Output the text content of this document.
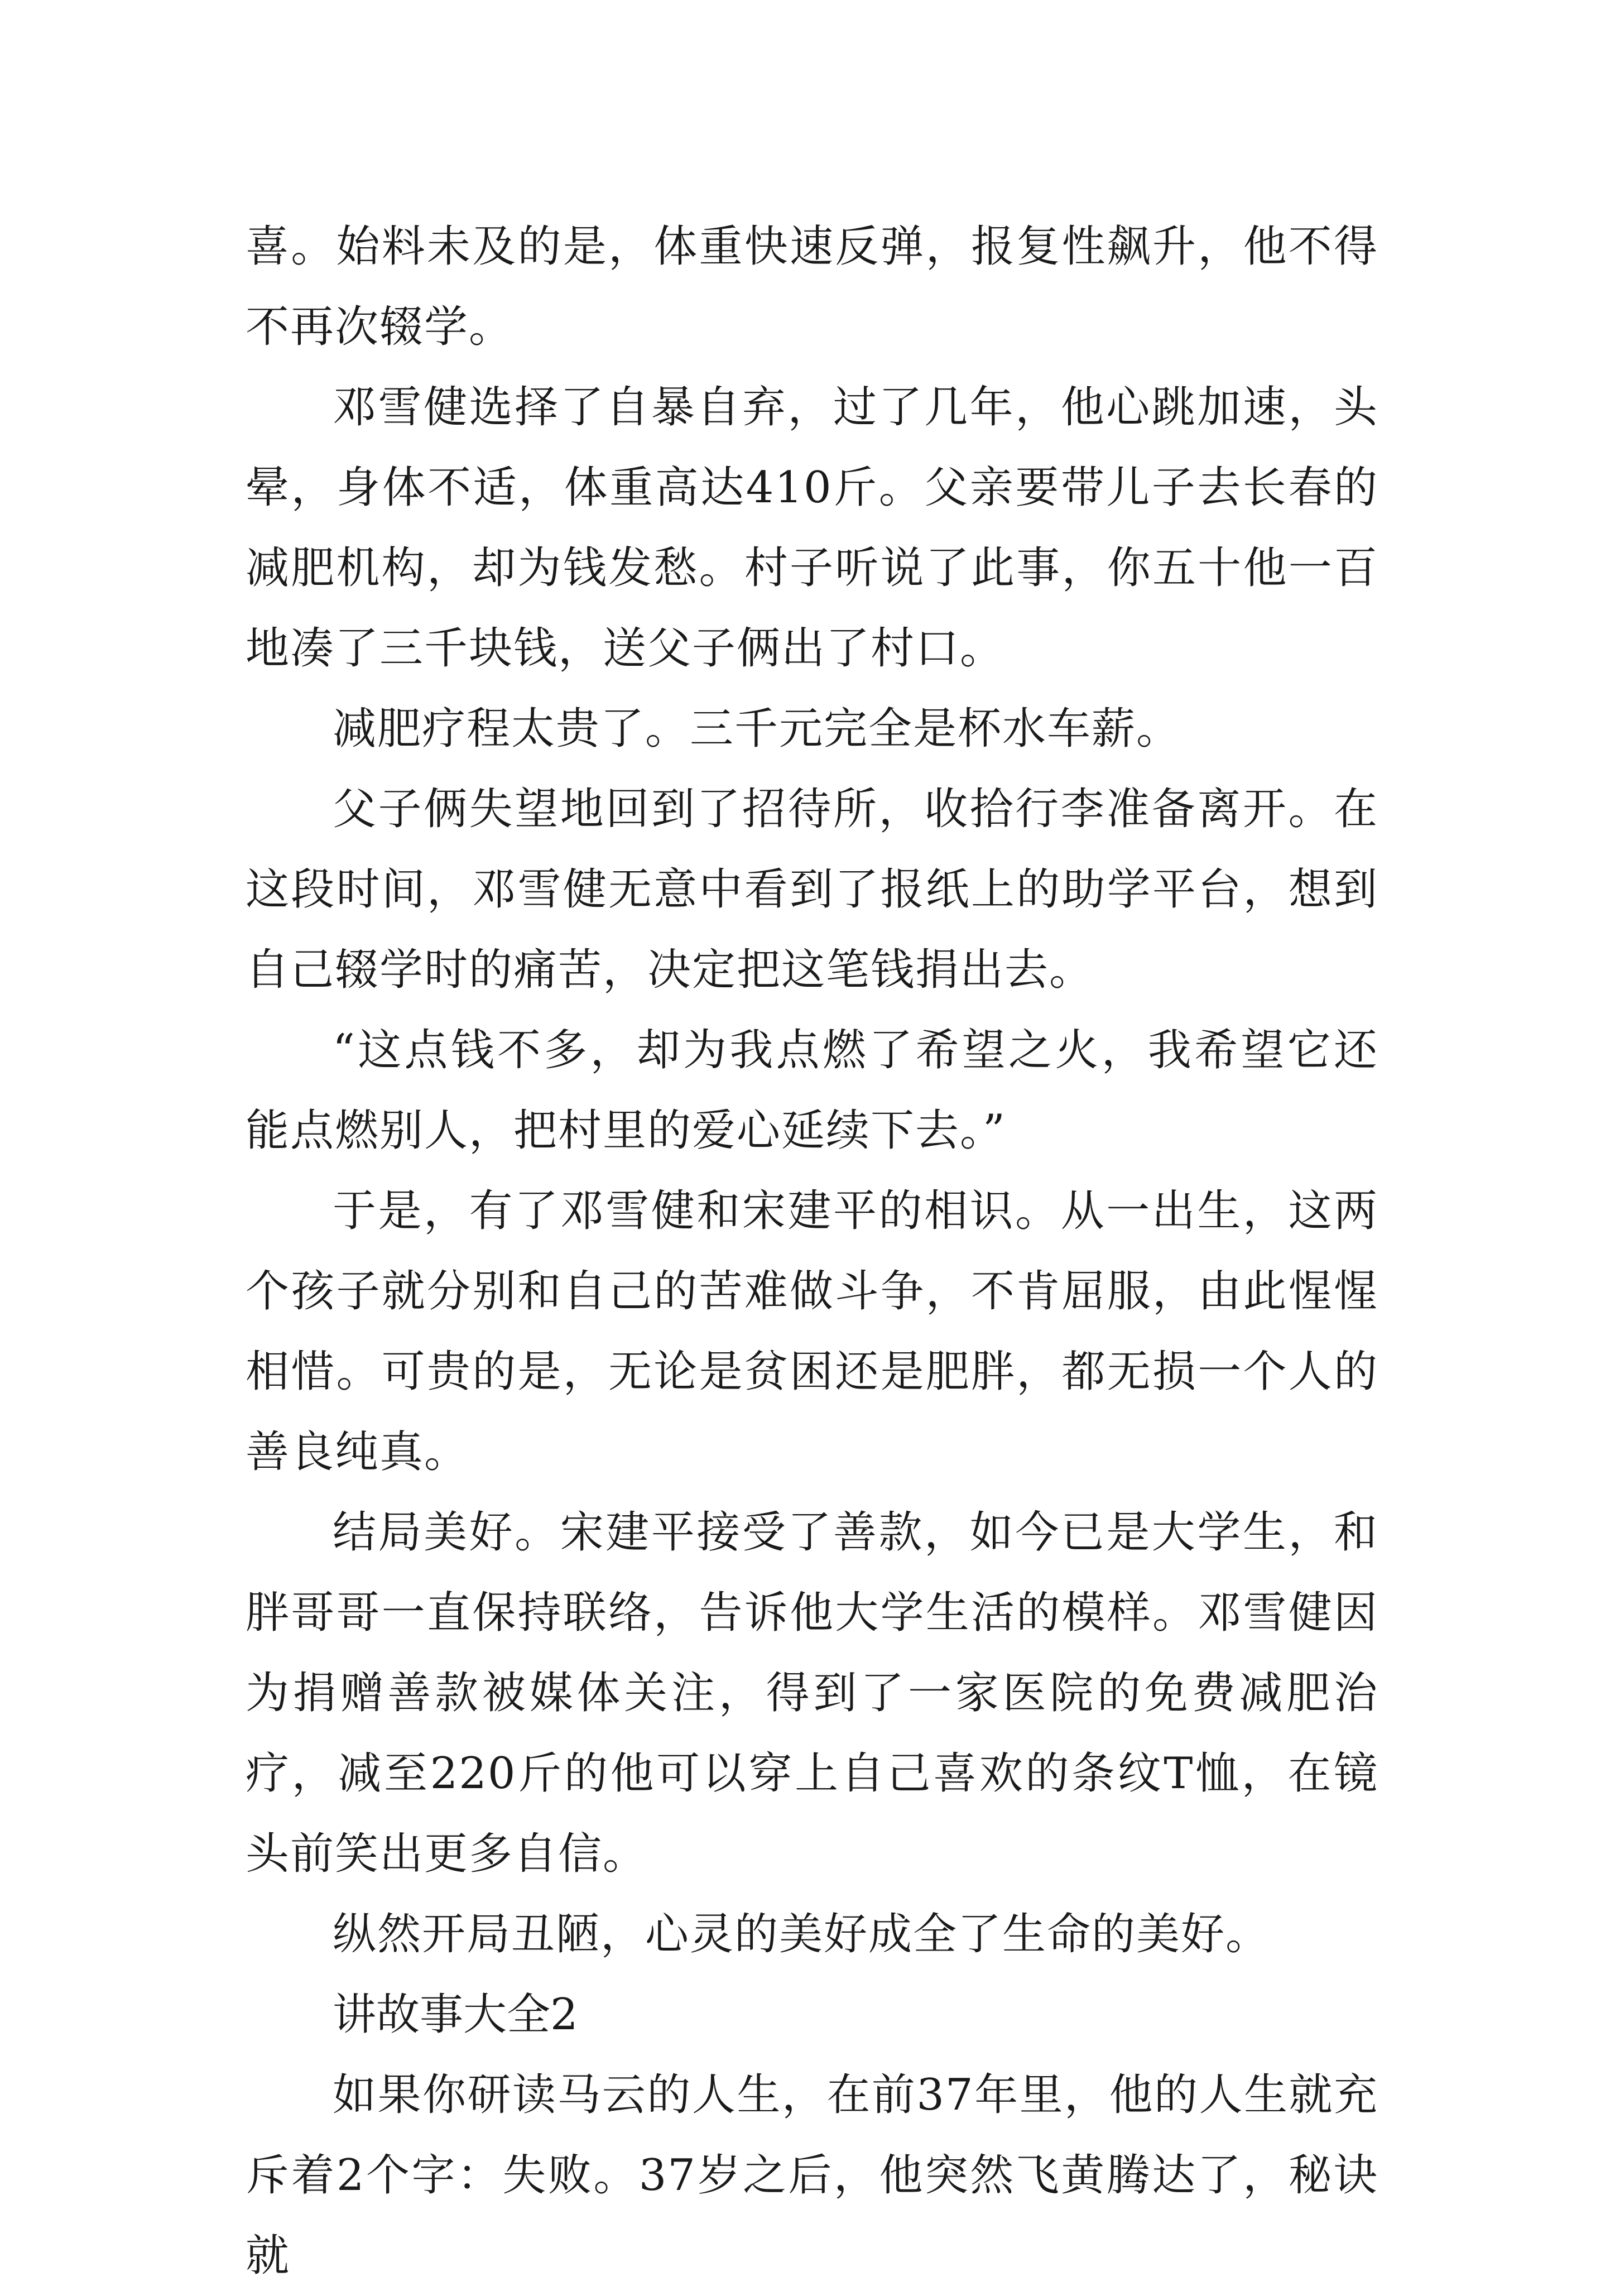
喜。始料未及的是，体重快速反弹，报复性飙升，他不得不再次辍学。

邓雪健选择了自暴自弃，过了几年，他心跳加速，头晕，身体不适，体重高达410斤。父亲要带儿子去长春的减肥机构，却为钱发愁。村子听说了此事，你五十他一百地凑了三千块钱，送父子俩出了村口。

减肥疗程太贵了。三千元完全是杯水车薪。

父子俩失望地回到了招待所，收拾行李准备离开。在这段时间，邓雪健无意中看到了报纸上的助学平台，想到自己辍学时的痛苦，决定把这笔钱捐出去。

“这点钱不多，却为我点燃了希望之火，我希望它还能点燃别人，把村里的爱心延续下去。”

于是，有了邓雪健和宋建平的相识。从一出生，这两个孩子就分别和自己的苦难做斗争，不肯屈服，由此惺惺相惜。可贵的是，无论是贫困还是肥胖，都无损一个人的善良纯真。

结局美好。宋建平接受了善款，如今已是大学生，和胖哥哥一直保持联络，告诉他大学生活的模样。邓雪健因为捐赠善款被媒体关注，得到了一家医院的免费减肥治疗，减至220斤的他可以穿上自己喜欢的条纹T恤，在镜头前笑出更多自信。

纵然开局丑陋，心灵的美好成全了生命的美好。

讲故事大全2

如果你研读马云的人生，在前37年里，他的人生就充斥着2个字：失败。37岁之后，他突然飞黄腾达了，秘诀就
